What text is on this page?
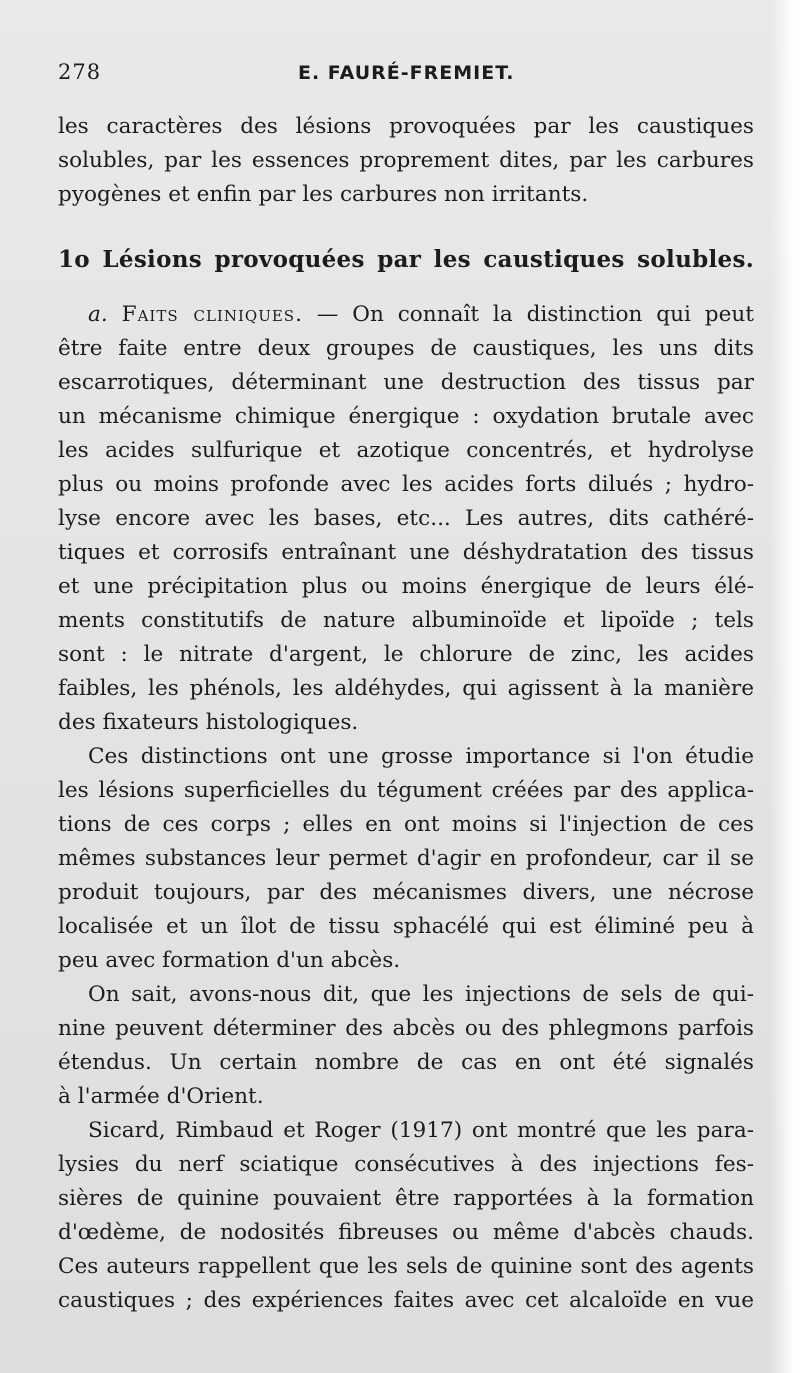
278	E. FAURÉ-FREMIET.
les caractères des lésions provoquées par les caustiques
solubles, par les essences proprement dites, par les carbures
pyogènes et enfin par les carbures non irritants.
1o Lésions provoquées par les caustiques solubles.
a. Faits cliniques. — On connaît la distinction qui peut
être faite entre deux groupes de caustiques, les uns dits
escarrotiques, déterminant une destruction des tissus par
un mécanisme chimique énergique : oxydation brutale avec
les acides sulfurique et azotique concentrés, et hydrolyse
plus ou moins profonde avec les acides forts dilués ; hydro-
lyse encore avec les bases, etc... Les autres, dits cathéré-
tiques et corrosifs entraînant une déshydratation des tissus
et une précipitation plus ou moins énergique de leurs élé-
ments constitutifs de nature albuminoïde et lipoïde ; tels
sont : le nitrate d'argent, le chlorure de zinc, les acides
faibles, les phénols, les aldéhydes, qui agissent à la manière
des fixateurs histologiques.
Ces distinctions ont une grosse importance si l'on étudie
les lésions superficielles du tégument créées par des applica-
tions de ces corps ; elles en ont moins si l'injection de ces
mêmes substances leur permet d'agir en profondeur, car il se
produit toujours, par des mécanismes divers, une nécrose
localisée et un îlot de tissu sphacélé qui est éliminé peu à
peu avec formation d'un abcès.
On sait, avons-nous dit, que les injections de sels de qui-
nine peuvent déterminer des abcès ou des phlegmons parfois
étendus. Un certain nombre de cas en ont été signalés
à l'armée d'Orient.
Sicard, Rimbaud et Roger (1917) ont montré que les para-
lysies du nerf sciatique consécutives à des injections fes-
sières de quinine pouvaient être rapportées à la formation
d'œdème, de nodosités fibreuses ou même d'abcès chauds.
Ces auteurs rappellent que les sels de quinine sont des agents
caustiques ; des expériences faites avec cet alcaloïde en vue
